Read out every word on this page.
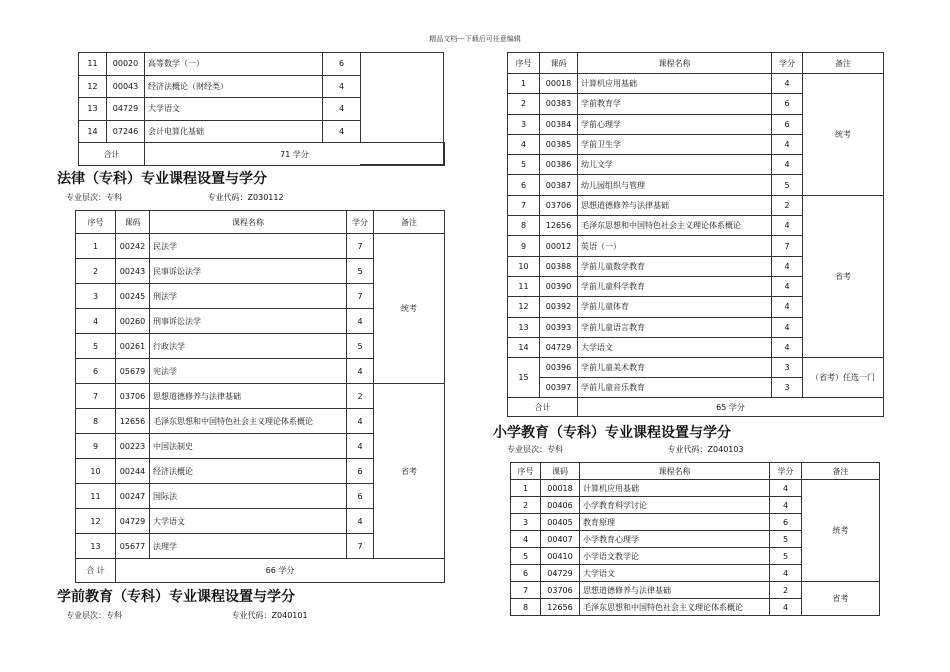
精品文档---下载后可任意编辑
11	00020	高等数学（一）	6
12	00043	经济法概论（财经类）	4
13	04729	大学语文	4
14	07246	会计电算化基础	4
合计	71 学分
法律（专科）专业课程设置与学分
专业层次：专科	专业代码：Z030112
序号	课码	课程名称	学分	备注
1	00242	民法学	7	统考
2	00243	民事诉讼法学	5	
3	00245	刑法学	7	
4	00260	刑事诉讼法学	4	
5	00261	行政法学	5	
6	05679	宪法学	4	
7	03706	思想道德修养与法律基础	2	省考
8	12656	毛泽东思想和中国特色社会主义理论体系概论	4	
9	00223	中国法制史	4	
10	00244	经济法概论	6	
11	00247	国际法	6	
12	04729	大学语文	4	
13	05677	法理学	7	
合 计	66 学分			
学前教育（专科）专业课程设置与学分
专业层次：专科	专业代码：Z040101
序号	课码	课程名称	学分	备注
1	00018	计算机应用基础	4	统考
2	00383	学前教育学	6	
3	00384	学前心理学	6	
4	00385	学前卫生学	4	
5	00386	幼儿文学	4	
6	00387	幼儿园组织与管理	5	
7	03706	思想道德修养与法律基础	2	省考
8	12656	毛泽东思想和中国特色社会主义理论体系概论	4	
9	00012	英语（一）	7	
10	00388	学前儿童数学教育	4	
11	00390	学前儿童科学教育	4	
12	00392	学前儿童体育	4	
13	00393	学前儿童语言教育	4	
14	04729	大学语文	4	
15	00396	学前儿童美术教育	3	（省考）任选一门
	00397	学前儿童音乐教育	3	
合计		65 学分		
小学教育（专科）专业课程设置与学分
专业层次：专科	专业代码：Z040103
序号	课码	课程名称	学分	备注
1	00018	计算机应用基础	4	统考
2	00406	小学教育科学讨论	4	
3	00405	教育原理	6	
4	00407	小学教育心理学	5	
5	00410	小学语文教学论	5	
6	04729	大学语文	4	
7	03706	思想道德修养与法律基础	2	省考
8	12656	毛泽东思想和中国特色社会主义理论体系概论	4	
